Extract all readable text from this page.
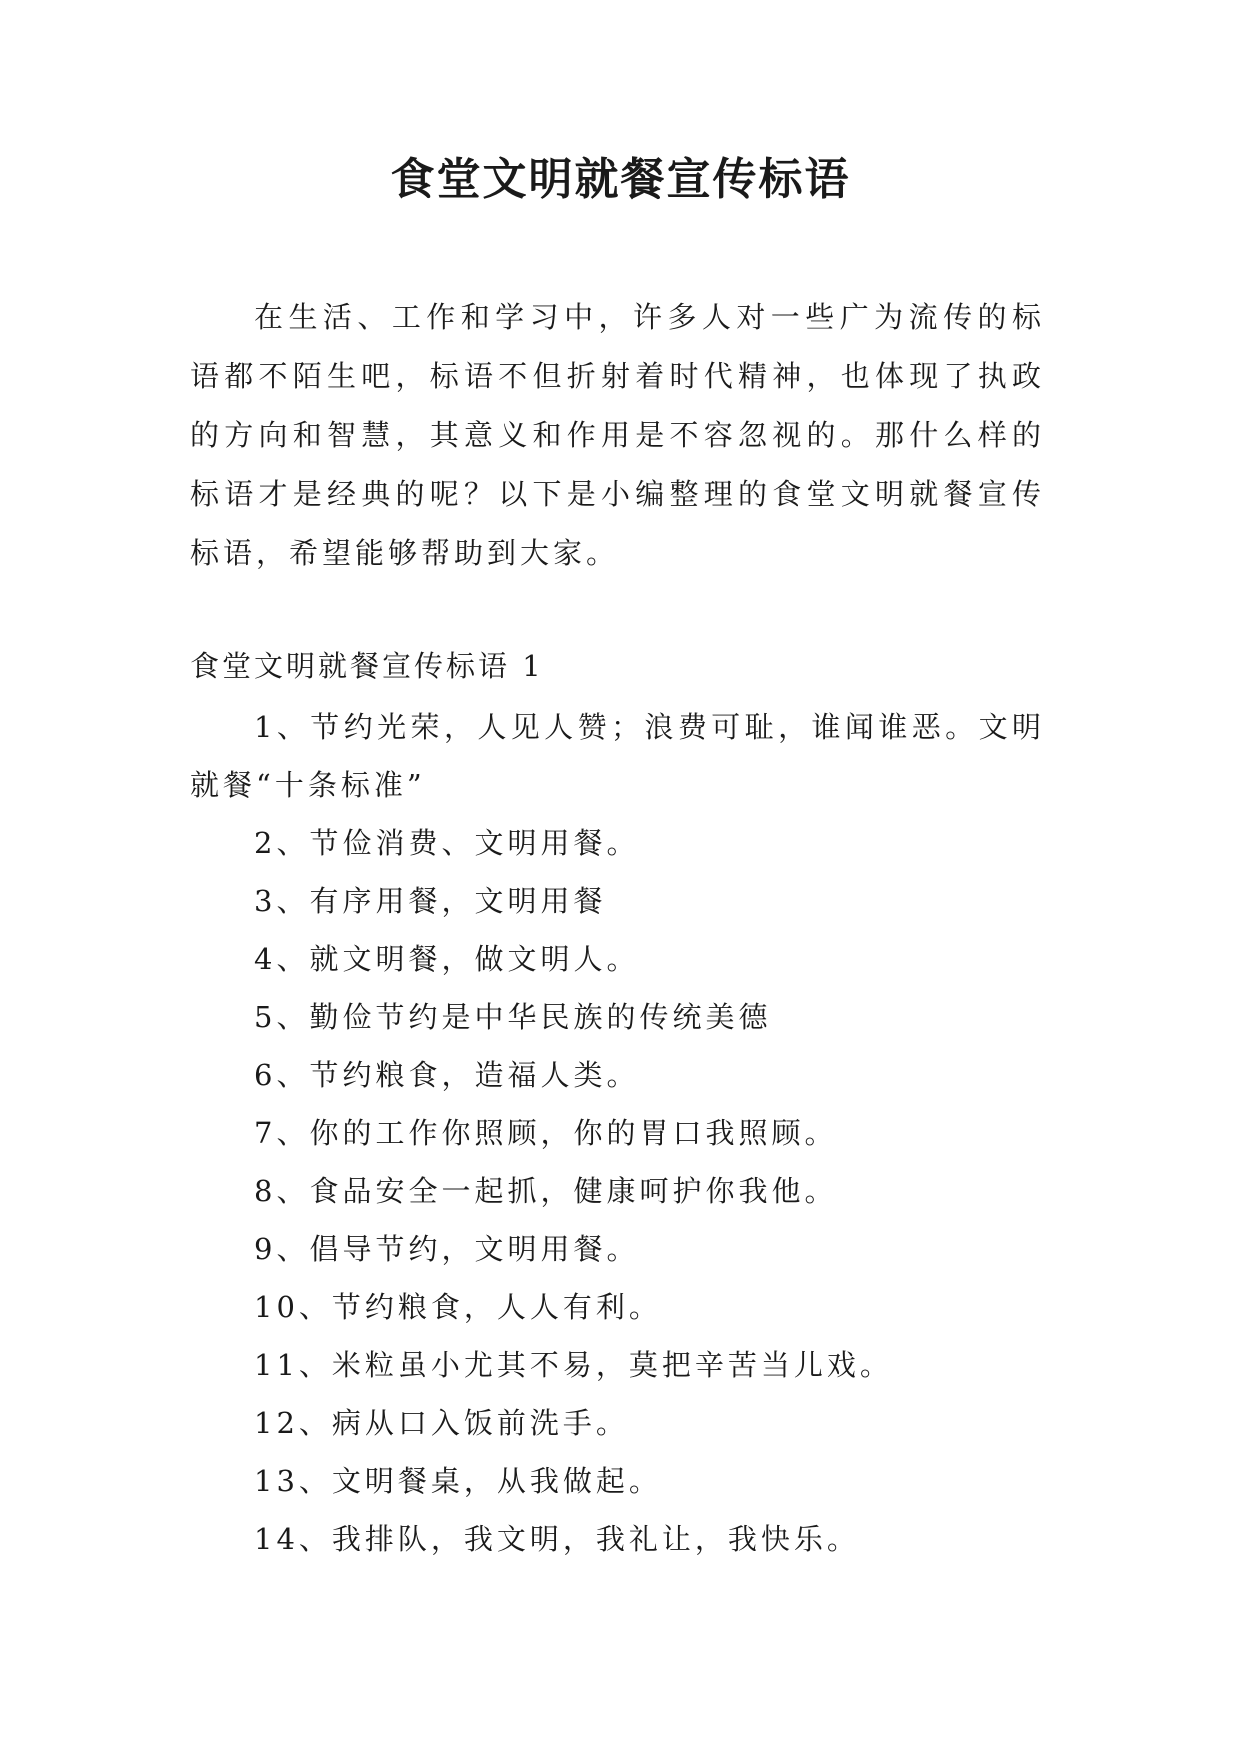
食堂文明就餐宣传标语

在生活、工作和学习中，许多人对一些广为流传的标语都不陌生吧，标语不但折射着时代精神，也体现了执政的方向和智慧，其意义和作用是不容忽视的。那什么样的标语才是经典的呢？以下是小编整理的食堂文明就餐宣传标语，希望能够帮助到大家。

食堂文明就餐宣传标语 1

1、节约光荣，人见人赞；浪费可耻，谁闻谁恶。文明就餐“十条标准”
2、节俭消费、文明用餐。
3、有序用餐，文明用餐
4、就文明餐，做文明人。
5、勤俭节约是中华民族的传统美德
6、节约粮食，造福人类。
7、你的工作你照顾，你的胃口我照顾。
8、食品安全一起抓，健康呵护你我他。
9、倡导节约，文明用餐。
10、节约粮食，人人有利。
11、米粒虽小尤其不易，莫把辛苦当儿戏。
12、病从口入饭前洗手。
13、文明餐桌，从我做起。
14、我排队，我文明，我礼让，我快乐。
